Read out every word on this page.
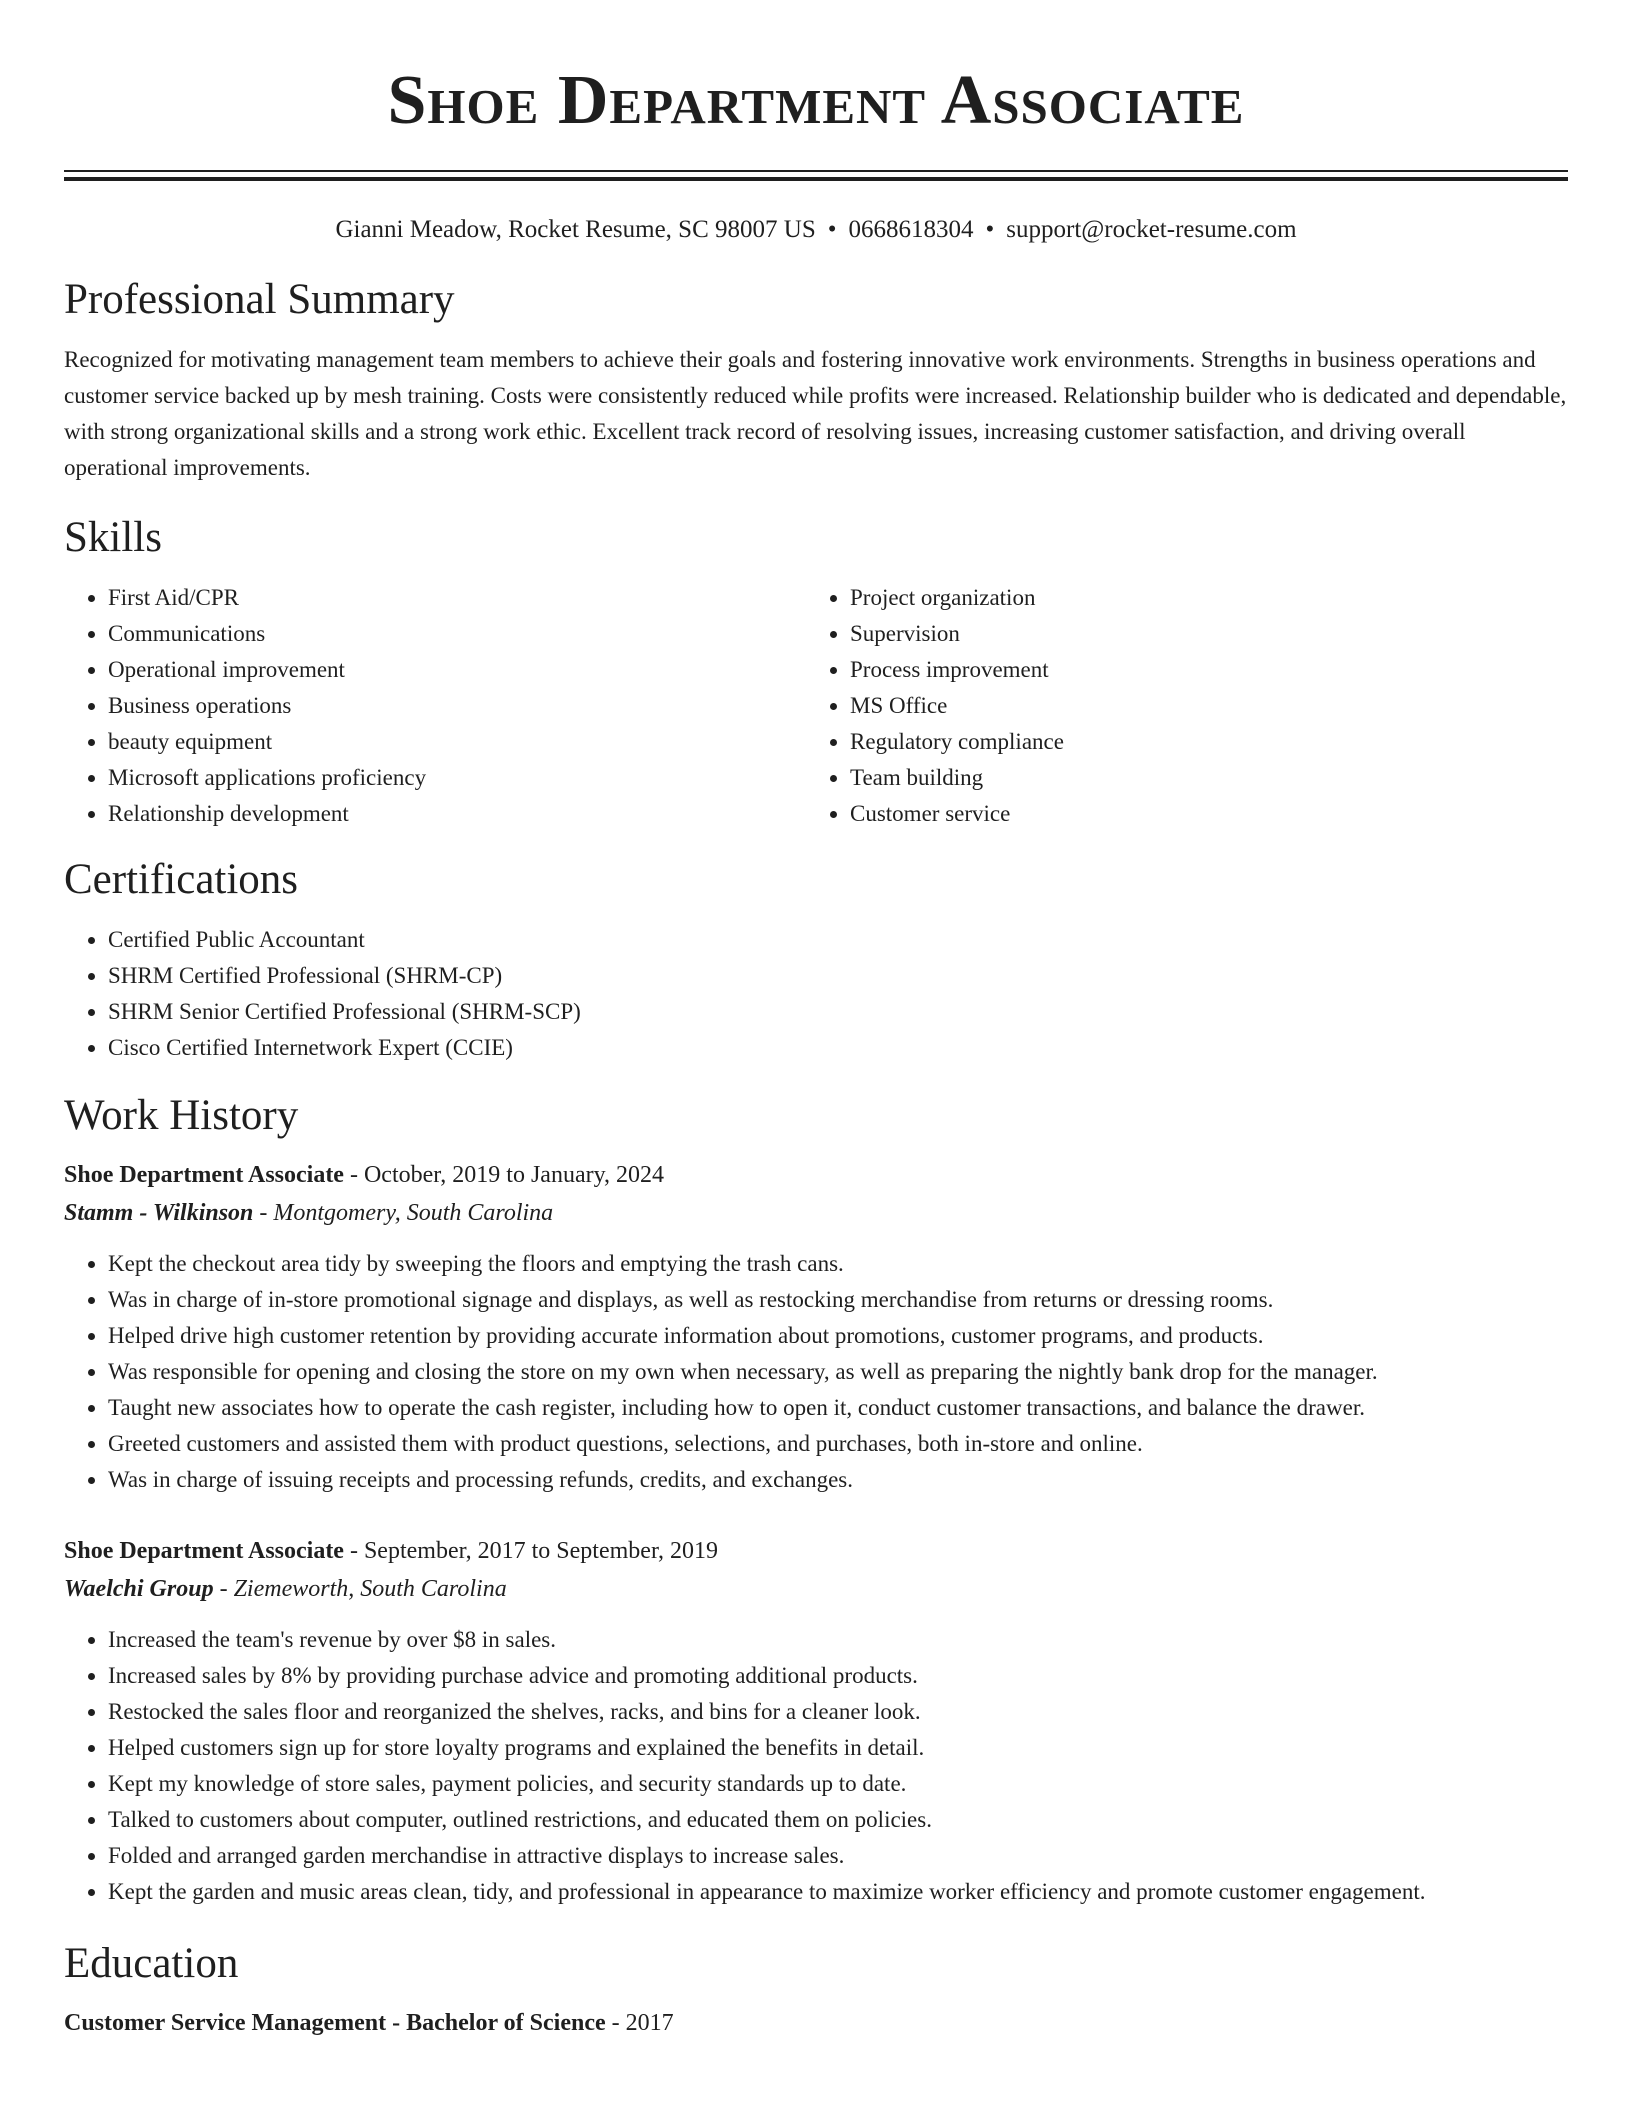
Shoe Department Associate
Gianni Meadow, Rocket Resume, SC 98007 US • 0668618304 • support@rocket-resume.com
Professional Summary

Recognized for motivating management team members to achieve their goals and fostering innovative work environments. Strengths in business operations and customer service backed up by mesh training. Costs were consistently reduced while profits were increased. Relationship builder who is dedicated and dependable, with strong organizational skills and a strong work ethic. Excellent track record of resolving issues, increasing customer satisfaction, and driving overall operational improvements.

Skills
• First Aid/CPR
• Communications
• Operational improvement
• Business operations
• beauty equipment
• Microsoft applications proficiency
• Relationship development
• Project organization
• Supervision
• Process improvement
• MS Office
• Regulatory compliance
• Team building
• Customer service
Certifications
• Certified Public Accountant
• SHRM Certified Professional (SHRM-CP)
• SHRM Senior Certified Professional (SHRM-SCP)
• Cisco Certified Internetwork Expert (CCIE)
Work History

Shoe Department Associate - October, 2019 to January, 2024

Stamm - Wilkinson - Montgomery, South Carolina

• Kept the checkout area tidy by sweeping the floors and emptying the trash cans.
• Was in charge of in-store promotional signage and displays, as well as restocking merchandise from returns or dressing rooms.
• Helped drive high customer retention by providing accurate information about promotions, customer programs, and products.
• Was responsible for opening and closing the store on my own when necessary, as well as preparing the nightly bank drop for the manager.
• Taught new associates how to operate the cash register, including how to open it, conduct customer transactions, and balance the drawer.
• Greeted customers and assisted them with product questions, selections, and purchases, both in-store and online.
• Was in charge of issuing receipts and processing refunds, credits, and exchanges.

Shoe Department Associate - September, 2017 to September, 2019

Waelchi Group - Ziemeworth, South Carolina

• Increased the team's revenue by over $8 in sales.
• Increased sales by 8% by providing purchase advice and promoting additional products.
• Restocked the sales floor and reorganized the shelves, racks, and bins for a cleaner look.
• Helped customers sign up for store loyalty programs and explained the benefits in detail.
• Kept my knowledge of store sales, payment policies, and security standards up to date.
• Talked to customers about computer, outlined restrictions, and educated them on policies.
• Folded and arranged garden merchandise in attractive displays to increase sales.
• Kept the garden and music areas clean, tidy, and professional in appearance to maximize worker efficiency and promote customer engagement.
Education

Customer Service Management - Bachelor of Science - 2017
